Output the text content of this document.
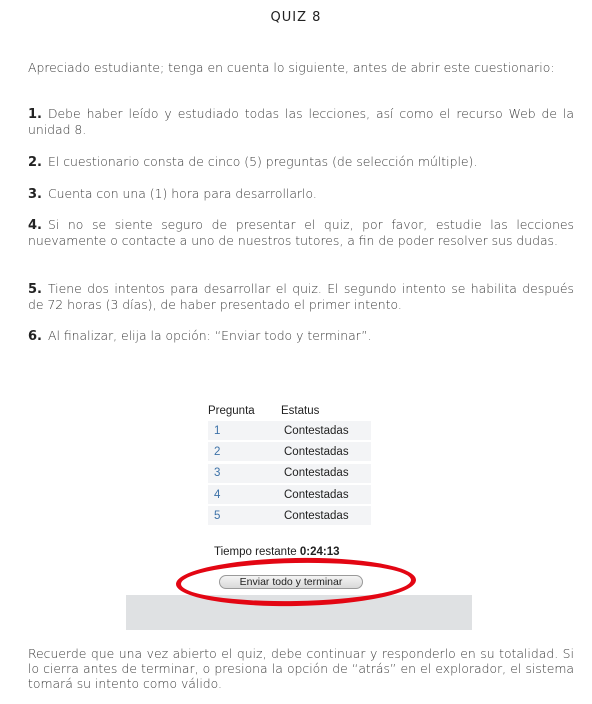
QUIZ 8
Apreciado estudiante; tenga en cuenta lo siguiente, antes de abrir este cuestionario:
1. Debe haber leído y estudiado todas las lecciones, así como el recurso Web de la unidad 8.
2. El cuestionario consta de cinco (5) preguntas (de selección múltiple).
3. Cuenta con una (1) hora para desarrollarlo.
4. Si no se siente seguro de presentar el quiz, por favor, estudie las lecciones nuevamente o contacte a uno de nuestros tutores, a fin de poder resolver sus dudas.
5. Tiene dos intentos para desarrollar el quiz. El segundo intento se habilita después de 72 horas (3 días), de haber presentado el primer intento.
6. Al finalizar, elija la opción: “Enviar todo y terminar”.
Pregunta	Estatus
1	Contestadas
2	Contestadas
3	Contestadas
4	Contestadas
5	Contestadas
Tiempo restante 0:24:13
Enviar todo y terminar
Recuerde que una vez abierto el quiz, debe continuar y responderlo en su totalidad. Si lo cierra antes de terminar, o presiona la opción de “atrás” en el explorador, el sistema tomará su intento como válido.
